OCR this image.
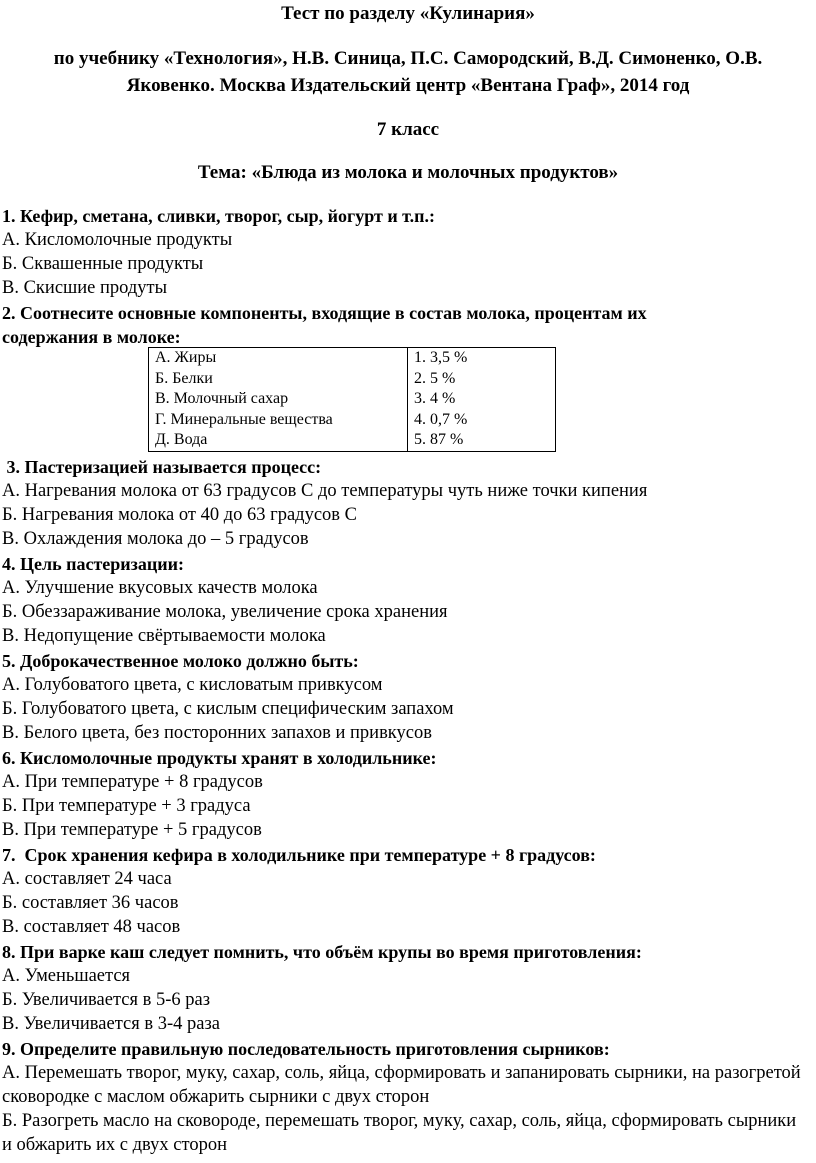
Тест по разделу «Кулинария»
по учебнику «Технология», Н.В. Синица, П.С. Самородский, В.Д. Симоненко, О.В.
Яковенко. Москва Издательский центр «Вентана Граф», 2014 год
7 класс
Тема: «Блюда из молока и молочных продуктов»
1. Кефир, сметана, сливки, творог, сыр, йогурт и т.п.:
А. Кисломолочные продукты
Б. Сквашенные продукты
В. Скисшие продуты
2. Соотнесите основные компоненты, входящие в состав молока, процентам их
содержания в молоке:
А. Жиры	1. 3,5 %
Б. Белки	2. 5 %
В. Молочный сахар	3. 4 %
Г. Минеральные вещества	4. 0,7 %
Д. Вода	5. 87 %
3. Пастеризацией называется процесс:
А. Нагревания молока от 63 градусов С до температуры чуть ниже точки кипения
Б. Нагревания молока от 40 до 63 градусов С
В. Охлаждения молока до – 5 градусов
4. Цель пастеризации:
А. Улучшение вкусовых качеств молока
Б. Обеззараживание молока, увеличение срока хранения
В. Недопущение свёртываемости молока
5. Доброкачественное молоко должно быть:
А. Голубоватого цвета, с кисловатым привкусом
Б. Голубоватого цвета, с кислым специфическим запахом
В. Белого цвета, без посторонних запахов и привкусов
6. Кисломолочные продукты хранят в холодильнике:
А. При температуре + 8 градусов
Б. При температуре + 3 градуса
В. При температуре + 5 градусов
7.  Срок хранения кефира в холодильнике при температуре + 8 градусов:
А. составляет 24 часа
Б. составляет 36 часов
В. составляет 48 часов
8. При варке каш следует помнить, что объём крупы во время приготовления:
А. Уменьшается
Б. Увеличивается в 5-6 раз
В. Увеличивается в 3-4 раза
9. Определите правильную последовательность приготовления сырников:
А. Перемешать творог, муку, сахар, соль, яйца, сформировать и запанировать сырники, на разогретой сковородке с маслом обжарить сырники с двух сторон
Б. Разогреть масло на сковороде, перемешать творог, муку, сахар, соль, яйца, сформировать сырники и обжарить их с двух сторон
